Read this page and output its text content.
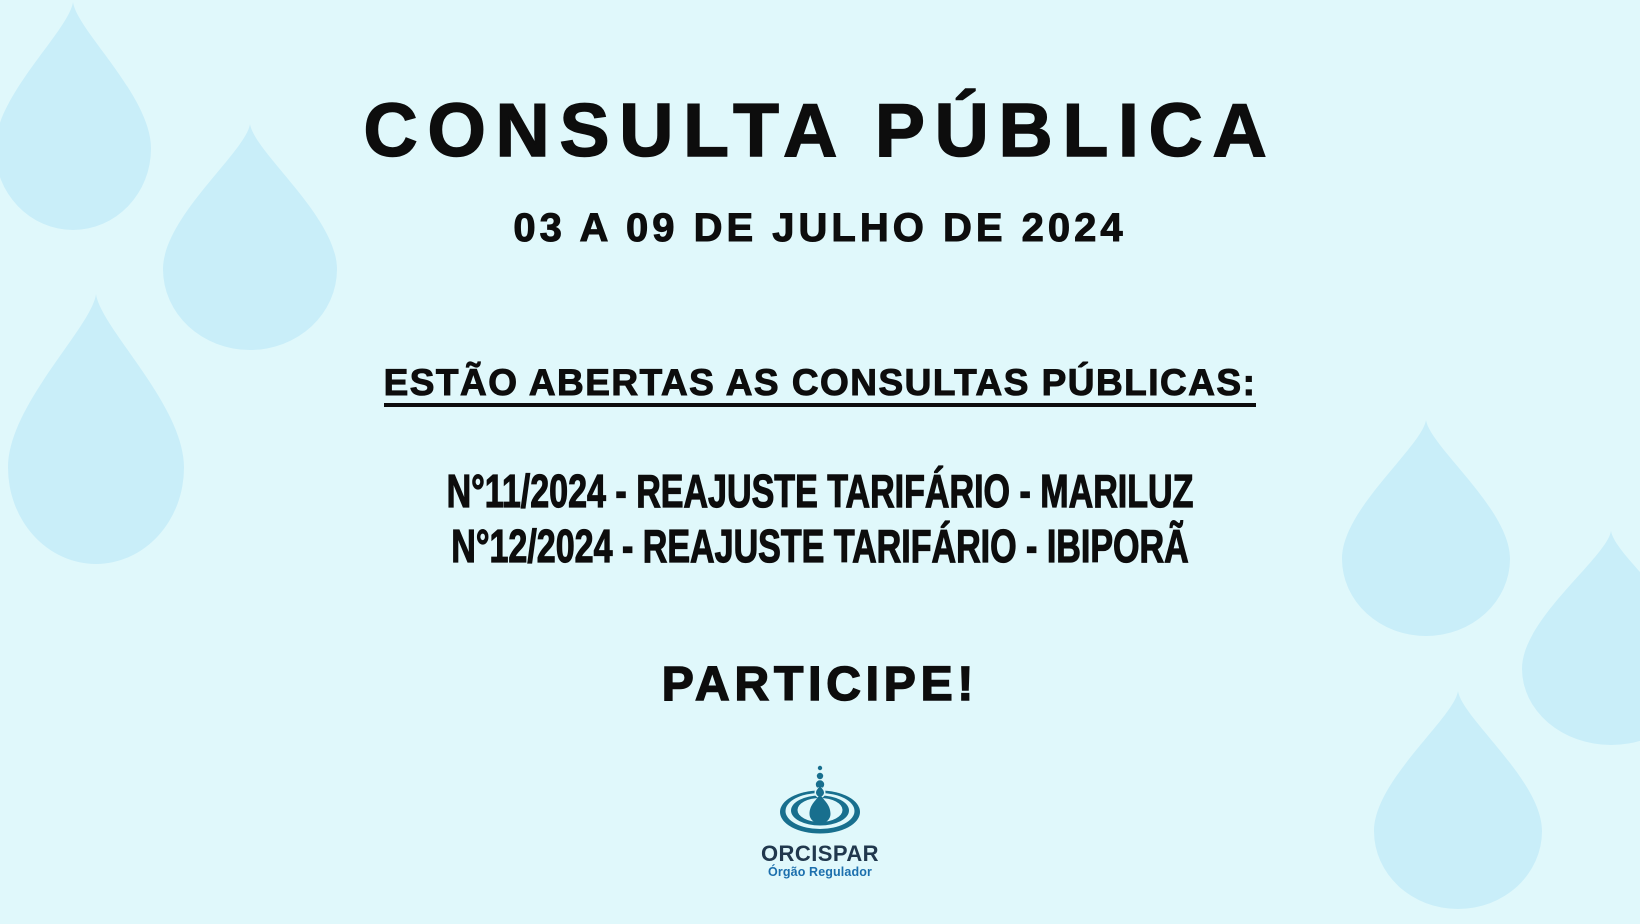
CONSULTA PÚBLICA
03 A 09 DE JULHO DE 2024
ESTÃO ABERTAS AS CONSULTAS PÚBLICAS:
N°11/2024 - REAJUSTE TARIFÁRIO - MARILUZ
N°12/2024 - REAJUSTE TARIFÁRIO - IBIPORÃ
PARTICIPE!
ORCISPAR
Órgão Regulador
